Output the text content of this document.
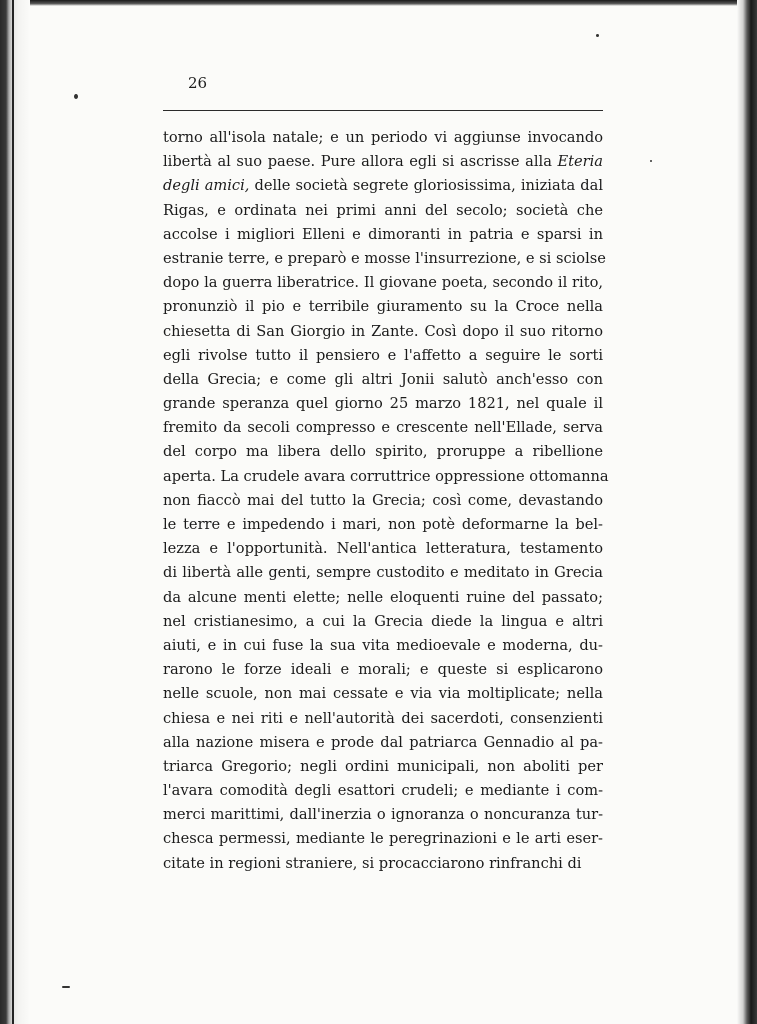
26
torno all'isola natale; e un periodo vi aggiunse invocando
libertà al suo paese. Pure allora egli si ascrisse alla Eteria
degli amici, delle società segrete gloriosissima, iniziata dal
Rigas, e ordinata nei primi anni del secolo; società che
accolse i migliori Elleni e dimoranti in patria e sparsi in
estranie terre, e preparò e mosse l'insurrezione, e si sciolse
dopo la guerra liberatrice. Il giovane poeta, secondo il rito,
pronunziò il pio e terribile giuramento su la Croce nella
chiesetta di San Giorgio in Zante. Così dopo il suo ritorno
egli rivolse tutto il pensiero e l'affetto a seguire le sorti
della Grecia; e come gli altri Jonii salutò anch'esso con
grande speranza quel giorno 25 marzo 1821, nel quale il
fremito da secoli compresso e crescente nell'Ellade, serva
del corpo ma libera dello spirito, proruppe a ribellione
aperta. La crudele avara corruttrice oppressione ottomanna
non fiaccò mai del tutto la Grecia; così come, devastando
le terre e impedendo i mari, non potè deformarne la bel-
lezza e l'opportunità. Nell'antica letteratura, testamento
di libertà alle genti, sempre custodito e meditato in Grecia
da alcune menti elette; nelle eloquenti ruine del passato;
nel cristianesimo, a cui la Grecia diede la lingua e altri
aiuti, e in cui fuse la sua vita medioevale e moderna, du-
rarono le forze ideali e morali; e queste si esplicarono
nelle scuole, non mai cessate e via via moltiplicate; nella
chiesa e nei riti e nell'autorità dei sacerdoti, consenzienti
alla nazione misera e prode dal patriarca Gennadio al pa-
triarca Gregorio; negli ordini municipali, non aboliti per
l'avara comodità degli esattori crudeli; e mediante i com-
merci marittimi, dall'inerzia o ignoranza o noncuranza tur-
chesca permessi, mediante le peregrinazioni e le arti eser-
citate in regioni straniere, si procacciarono rinfranchi di
